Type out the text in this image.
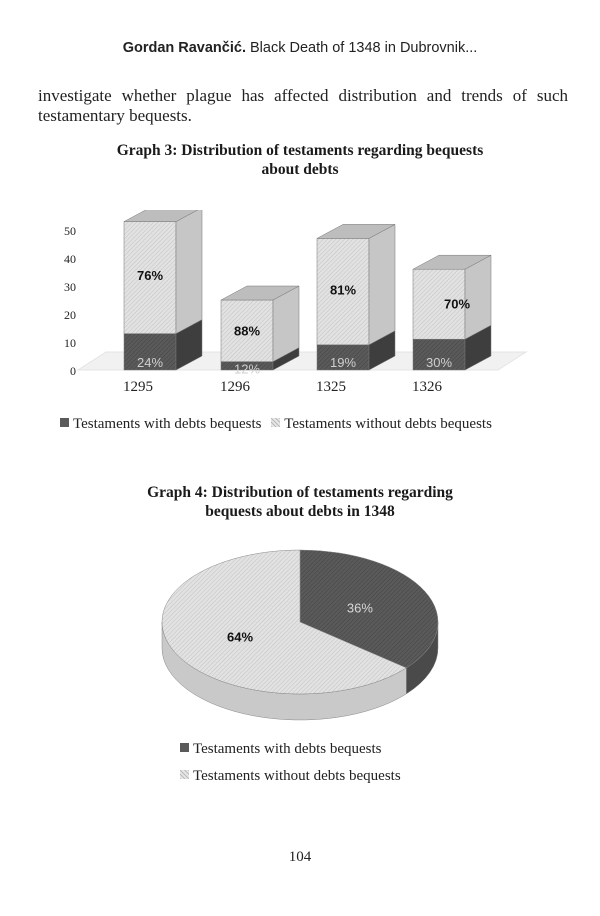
Gordan Ravančić. Black Death of 1348 in Dubrovnik...
investigate whether plague has affected distribution and trends of such testamentary bequests.
Graph 3: Distribution of testaments regarding bequests
about debts
0
10
20
30
40
50
24%
76%
12%
88%
19%
81%
30%
70%
1295	1296	1325	1326
Testaments with debts bequests Testaments without debts bequests
Graph 4: Distribution of testaments regarding
bequests about debts in 1348
36%
64%
Testaments with debts bequests
Testaments without debts bequests
104
